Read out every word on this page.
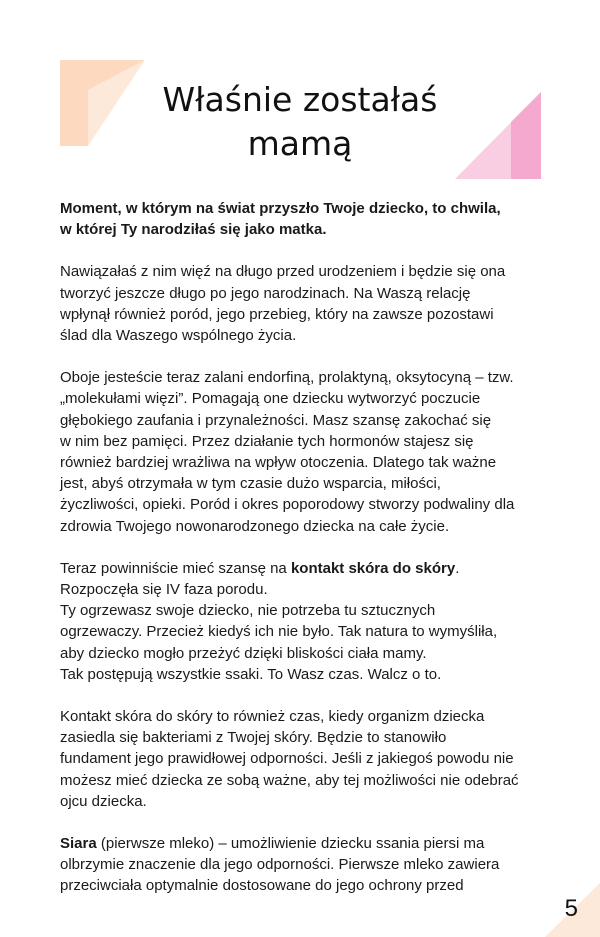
Właśnie zostałaś
mamą

Moment, w którym na świat przyszło Twoje dziecko, to chwila,
w której Ty narodziłaś się jako matka.

Nawiązałaś z nim więź na długo przed urodzeniem i będzie się ona
tworzyć jeszcze długo po jego narodzinach. Na Waszą relację
wpłynął również poród, jego przebieg, który na zawsze pozostawi
ślad dla Waszego wspólnego życia.

Oboje jesteście teraz zalani endorfiną, prolaktyną, oksytocyną – tzw.
„molekułami więzi”. Pomagają one dziecku wytworzyć poczucie
głębokiego zaufania i przynależności. Masz szansę zakochać się
w nim bez pamięci. Przez działanie tych hormonów stajesz się
również bardziej wrażliwa na wpływ otoczenia. Dlatego tak ważne
jest, abyś otrzymała w tym czasie dużo wsparcia, miłości,
życzliwości, opieki. Poród i okres poporodowy stworzy podwaliny dla
zdrowia Twojego nowonarodzonego dziecka na całe życie.

Teraz powinniście mieć szansę na kontakt skóra do skóry.
Rozpoczęła się IV faza porodu.
Ty ogrzewasz swoje dziecko, nie potrzeba tu sztucznych
ogrzewaczy. Przecież kiedyś ich nie było. Tak natura to wymyśliła,
aby dziecko mogło przeżyć dzięki bliskości ciała mamy.
Tak postępują wszystkie ssaki. To Wasz czas. Walcz o to.

Kontakt skóra do skóry to również czas, kiedy organizm dziecka
zasiedla się bakteriami z Twojej skóry. Będzie to stanowiło
fundament jego prawidłowej odporności. Jeśli z jakiegoś powodu nie
możesz mieć dziecka ze sobą ważne, aby tej możliwości nie odebrać
ojcu dziecka.

Siara (pierwsze mleko) – umożliwienie dziecku ssania piersi ma
olbrzymie znaczenie dla jego odporności. Pierwsze mleko zawiera
przeciwciała optymalnie dostosowane do jego ochrony przed

5
